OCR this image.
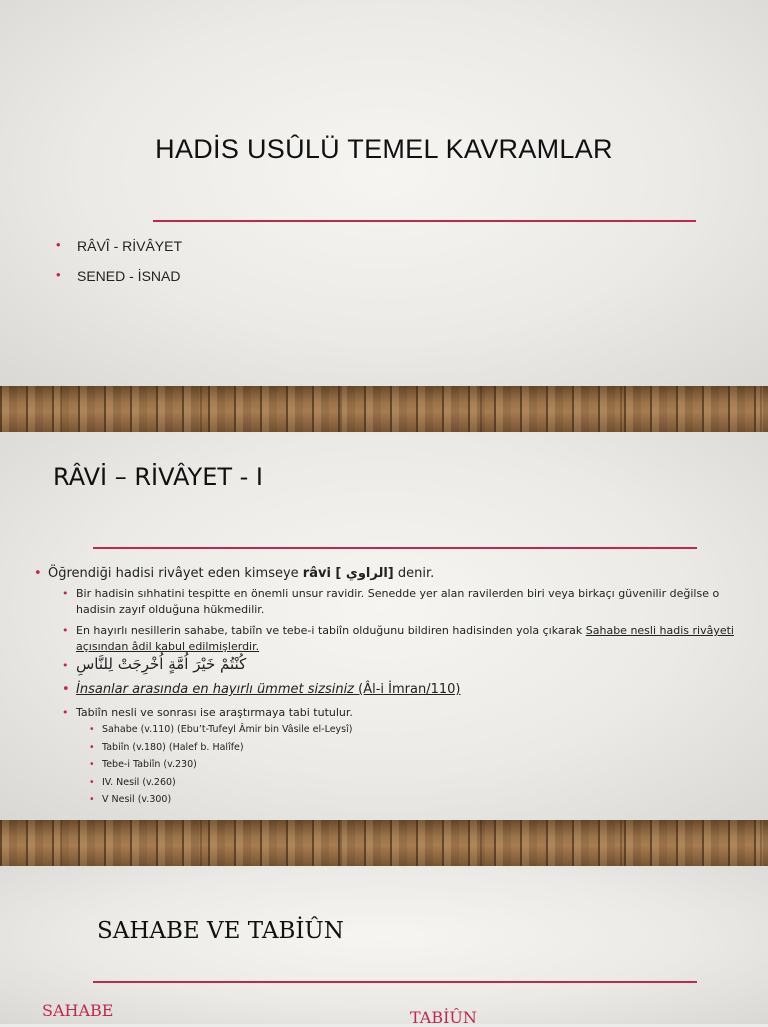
HADİS USÛLÜ TEMEL KAVRAMLAR
• RÂVÎ - RİVÂYET
• SENED - İSNAD
RÂVİ – RİVÂYET - I
• Öğrendiği hadisi rivâyet eden kimseye râvi [ الراوي] denir.
• Bir hadisin sıhhatini tespitte en önemli unsur ravidir. Senedde yer alan ravilerden biri veya birkaçı güvenilir değilse o hadisin zayıf olduğuna hükmedilir.
• En hayırlı nesillerin sahabe, tabiîn ve tebe-i tabiîn olduğunu bildiren hadisinden yola çıkarak Sahabe nesli hadis rivâyeti açısından âdil kabul edilmişlerdir.
• كُنْتُمْ خَيْرَ اُمَّةٍ اُخْرِجَتْ لِلنَّاسِ
• İnsanlar arasında en hayırlı ümmet sizsiniz (Âl-i İmran/110)
• Tabiîn nesli ve sonrası ise araştırmaya tabi tutulur.
• Sahabe (v.110) (Ebu’t-Tufeyl Âmir bin Vâsile el-Leysî)
• Tabiîn (v.180) (Halef b. Halîfe)
• Tebe-i Tabiîn (v.230)
• IV. Nesil (v.260)
• V Nesil (v.300)
SAHABE VE TABİÛN
SAHABE	TABİÛN
